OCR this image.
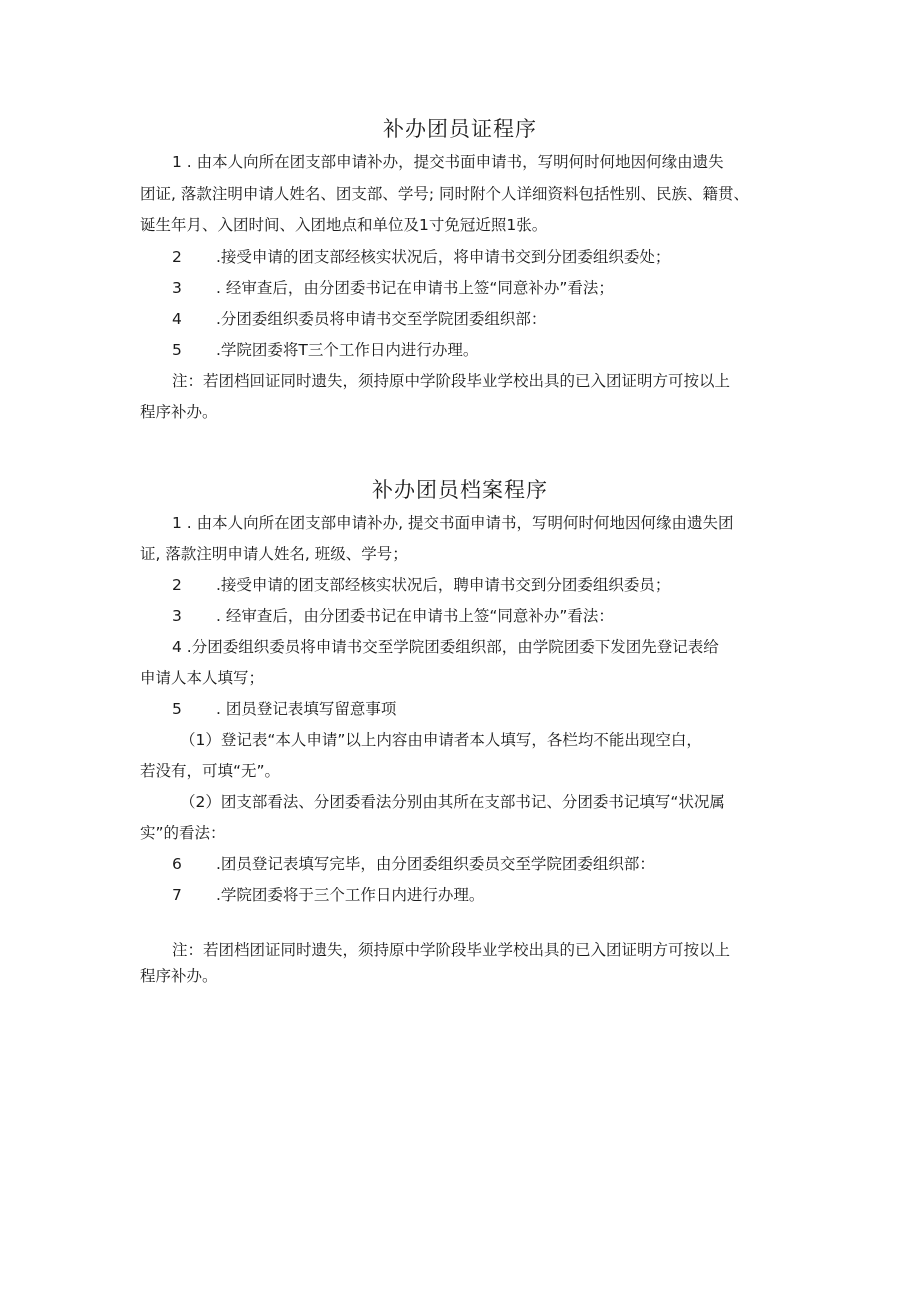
补办团员证程序

1 . 由本人向所在团支部申请补办，提交书面申请书，写明何时何地因何缘由遗失

团证, 落款注明申请人姓名、团支部、学号; 同时附个人详细资料包括性别、民族、籍贯、

诞生年月、入团时间、入团地点和单位及1寸免冠近照1张。

2 .接受申请的团支部经核实状况后，将申请书交到分团委组织委处；

3 . 经审查后，由分团委书记在申请书上签“同意补办”看法；

4 .分团委组织委员将申请书交至学院团委组织部：

5 .学院团委将T三个工作日内进行办理。

注：若团档回证同时遗失，须持原中学阶段毕业学校出具的已入团证明方可按以上

程序补办。

补办团员档案程序

1 . 由本人向所在团支部申请补办, 提交书面申请书，写明何时何地因何缘由遗失团

证, 落款注明申请人姓名, 班级、学号；

2 .接受申请的团支部经核实状况后，聘申请书交到分团委组织委员；

3 . 经审查后，由分团委书记在申请书上签“同意补办”看法：

4 .分团委组织委员将申请书交至学院团委组织部，由学院团委下发团先登记表给

申请人本人填写；

5 . 团员登记表填写留意事项

（1）登记表“本人申请”以上内容由申请者本人填写，各栏均不能出现空白，

若没有，可填“无”。

（2）团支部看法、分团委看法分别由其所在支部书记、分团委书记填写“状况属

实”的看法：

6 .团员登记表填写完毕，由分团委组织委员交至学院团委组织部：

7 .学院团委将于三个工作日内进行办理。

注：若团档团证同时遗失，须持原中学阶段毕业学校出具的已入团证明方可按以上

程序补办。
